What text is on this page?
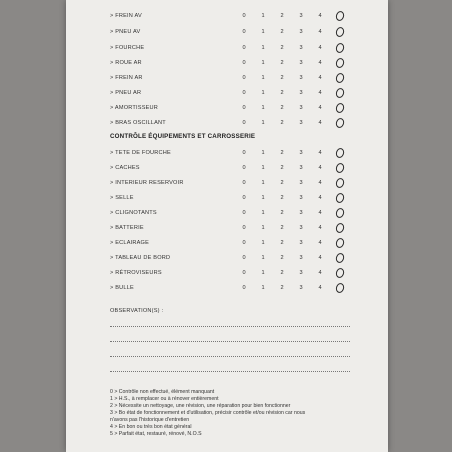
> FREIN AV	0	1	2	3	4
> PNEU AV	0	1	2	3	4
> FOURCHE	0	1	2	3	4
> ROUE AR	0	1	2	3	4
> FREIN AR	0	1	2	3	4
> PNEU AR	0	1	2	3	4
> AMORTISSEUR	0	1	2	3	4
> BRAS OSCILLANT	0	1	2	3	4
CONTRÔLE ÉQUIPEMENTS ET CARROSSERIE
> TETE DE FOURCHE	0	1	2	3	4
> CACHES	0	1	2	3	4
> INTERIEUR RESERVOIR	0	1	2	3	4
> SELLE	0	1	2	3	4
> CLIGNOTANTS	0	1	2	3	4
> BATTERIE	0	1	2	3	4
> ECLAIRAGE	0	1	2	3	4
> TABLEAU DE BORD	0	1	2	3	4
> RÉTROVISEURS	0	1	2	3	4
> BULLE	0	1	2	3	4
OBSERVATION(S) :
0 > Contrôle non effectué, élément manquant
1 > H.S., à remplacer ou à rénover entièrement
2 > Nécessite un nettoyage, une révision, une réparation pour bien fonctionner
3 > Bo état de fonctionnement et d'utilisation, précisir contrôle et/ou révision car nous
n'avons pas l'historique d'entretien
4 > En bon ou très bon état général
5 > Parfait état, restauré, rénové, N.O.S
